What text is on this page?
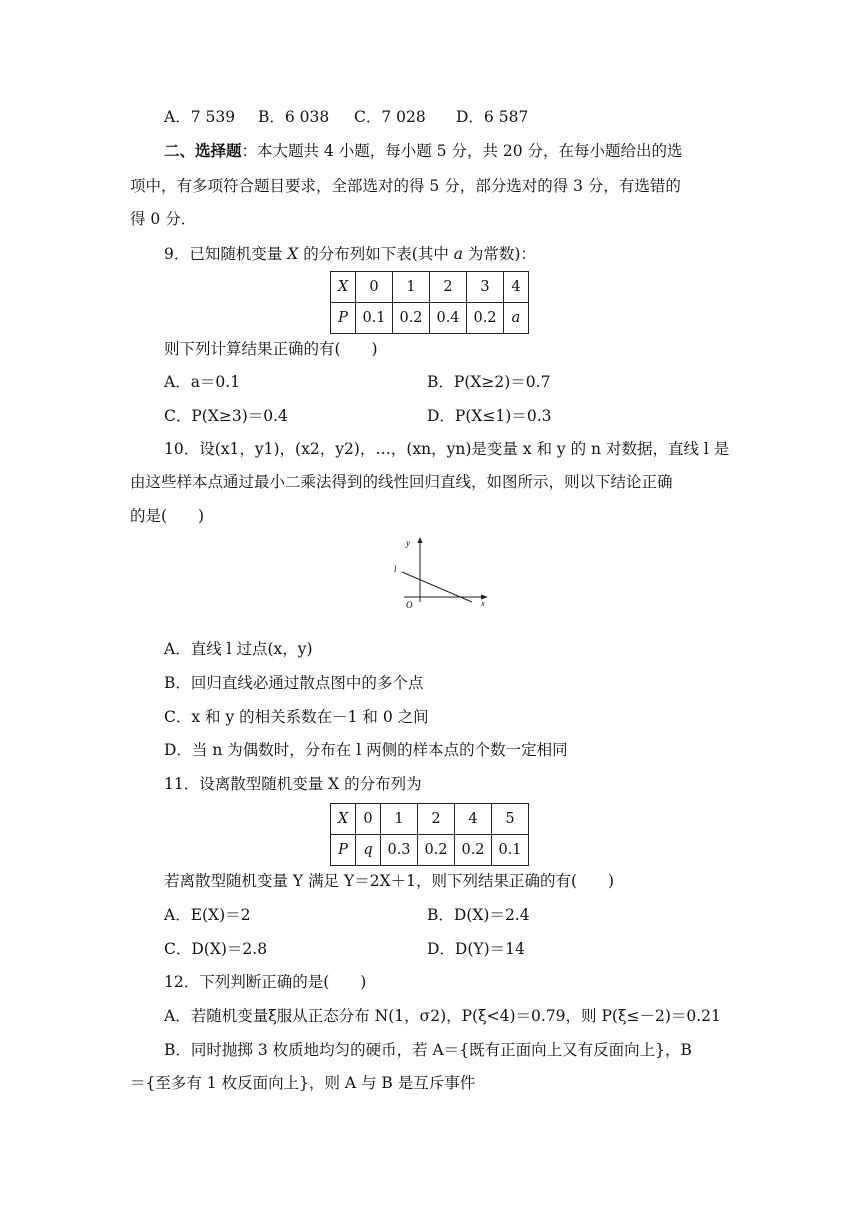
A．7 539 B．6 038 C．7 028 D．6 587
二、选择题：本大题共 4 小题，每小题 5 分，共 20 分，在每小题给出的选
项中，有多项符合题目要求，全部选对的得 5 分，部分选对的得 3 分，有选错的
得 0 分．
9．已知随机变量 X 的分布列如下表(其中 a 为常数)：
X	0	1	2	3	4
P	0.1	0.2	0.4	0.2	a
则下列计算结果正确的有(　　)
A．a＝0.1	B．P(X≥2)＝0.7
C．P(X≥3)＝0.4	D．P(X≤1)＝0.3
10．设(x1，y1)，(x2，y2)，…，(xn，yn)是变量 x 和 y 的 n 对数据，直线 l 是
由这些样本点通过最小二乘法得到的线性回归直线，如图所示，则以下结论正确
的是(　　)
y
l
O	x
A．直线 l 过点(x，y)
B．回归直线必通过散点图中的多个点
C．x 和 y 的相关系数在－1 和 0 之间
D．当 n 为偶数时，分布在 l 两侧的样本点的个数一定相同
11．设离散型随机变量 X 的分布列为
X	0	1	2	4	5
P	q	0.3	0.2	0.2	0.1
若离散型随机变量 Y 满足 Y＝2X＋1，则下列结果正确的有(　　)
A．E(X)＝2	B．D(X)＝2.4
C．D(X)＝2.8	D．D(Y)＝14
12．下列判断正确的是(　　)
A．若随机变量ξ服从正态分布 N(1，σ2)，P(ξ<4)＝0.79，则 P(ξ≤－2)＝0.21
B．同时抛掷 3 枚质地均匀的硬币，若 A＝{既有正面向上又有反面向上}，B
＝{至多有 1 枚反面向上}，则 A 与 B 是互斥事件
